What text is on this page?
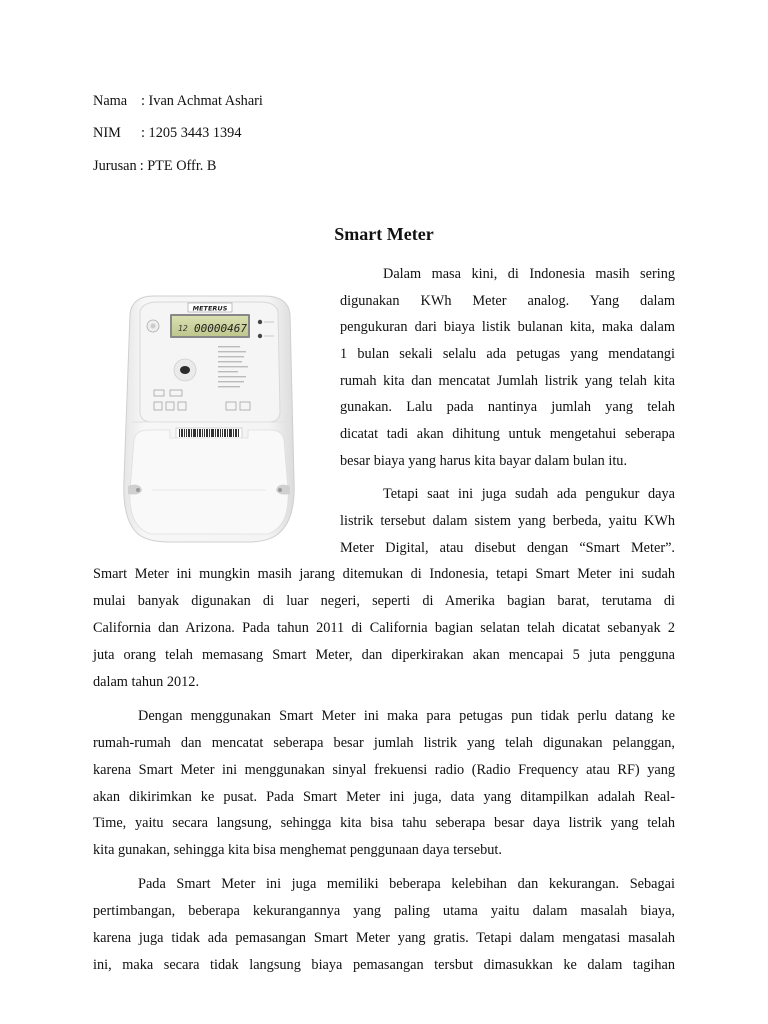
Nama : Ivan Achmat Ashari
NIM : 1205 3443 1394
Jurusan : PTE Offr. B
Smart Meter
METERUS
12 00000467
Dalam masa kini, di Indonesia masih sering
digunakan KWh Meter analog. Yang dalam
pengukuran dari biaya listik bulanan kita, maka dalam
1 bulan sekali selalu ada petugas yang mendatangi
rumah kita dan mencatat Jumlah listrik yang telah kita
gunakan. Lalu pada nantinya jumlah yang telah
dicatat tadi akan dihitung untuk mengetahui seberapa
besar biaya yang harus kita bayar dalam bulan itu.
Tetapi saat ini juga sudah ada pengukur daya
listrik tersebut dalam sistem yang berbeda, yaitu KWh
Meter Digital, atau disebut dengan “Smart Meter”.
Smart Meter ini mungkin masih jarang ditemukan di Indonesia, tetapi Smart Meter ini sudah
mulai banyak digunakan di luar negeri, seperti di Amerika bagian barat, terutama di
California dan Arizona. Pada tahun 2011 di California bagian selatan telah dicatat sebanyak 2
juta orang telah memasang Smart Meter, dan diperkirakan akan mencapai 5 juta pengguna
dalam tahun 2012.
Dengan menggunakan Smart Meter ini maka para petugas pun tidak perlu datang ke
rumah-rumah dan mencatat seberapa besar jumlah listrik yang telah digunakan pelanggan,
karena Smart Meter ini menggunakan sinyal frekuensi radio (Radio Frequency atau RF) yang
akan dikirimkan ke pusat. Pada Smart Meter ini juga, data yang ditampilkan adalah Real-
Time, yaitu secara langsung, sehingga kita bisa tahu seberapa besar daya listrik yang telah
kita gunakan, sehingga kita bisa menghemat penggunaan daya tersebut.
Pada Smart Meter ini juga memiliki beberapa kelebihan dan kekurangan. Sebagai
pertimbangan, beberapa kekurangannya yang paling utama yaitu dalam masalah biaya,
karena juga tidak ada pemasangan Smart Meter yang gratis. Tetapi dalam mengatasi masalah
ini, maka secara tidak langsung biaya pemasangan tersbut dimasukkan ke dalam tagihan
